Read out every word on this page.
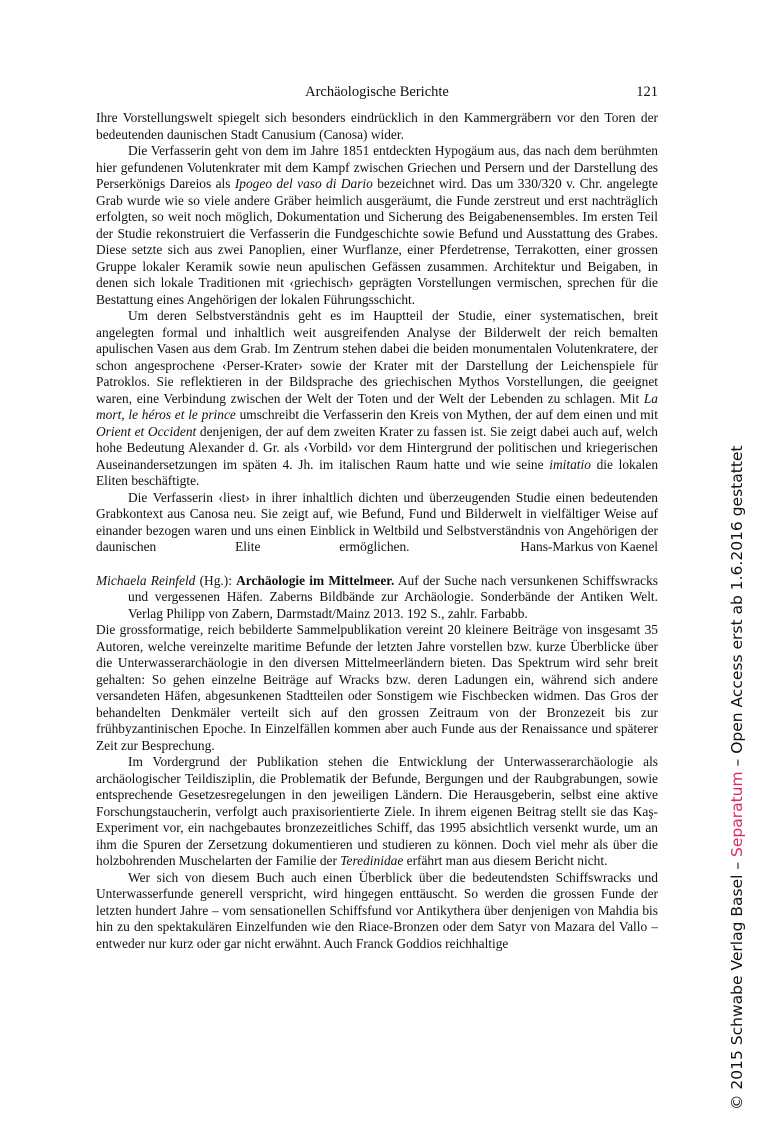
Archäologische Berichte	121

Ihre Vorstellungswelt spiegelt sich besonders eindrücklich in den Kammergräbern vor den Toren der bedeutenden daunischen Stadt Canusium (Canosa) wider.

Die Verfasserin geht von dem im Jahre 1851 entdeckten Hypogäum aus, das nach dem berühmten hier gefundenen Volutenkrater mit dem Kampf zwischen Griechen und Persern und der Darstellung des Perserkönigs Dareios als Ipogeo del vaso di Dario bezeichnet wird. Das um 330/320 v. Chr. angelegte Grab wurde wie so viele andere Gräber heimlich ausgeräumt, die Funde zerstreut und erst nachträglich erfolgten, so weit noch möglich, Dokumentation und Sicherung des Beigabenensembles. Im ersten Teil der Studie rekonstruiert die Verfasserin die Fundgeschichte sowie Befund und Ausstattung des Grabes. Diese setzte sich aus zwei Panoplien, einer Wurflanze, einer Pferdetrense, Terrakotten, einer grossen Gruppe lokaler Keramik sowie neun apulischen Gefässen zusammen. Architektur und Beigaben, in denen sich lokale Traditionen mit ‹griechisch› geprägten Vorstellungen vermischen, sprechen für die Bestattung eines Angehörigen der lokalen Führungsschicht.

Um deren Selbstverständnis geht es im Hauptteil der Studie, einer systematischen, breit angelegten formal und inhaltlich weit ausgreifenden Analyse der Bilderwelt der reich bemalten apulischen Vasen aus dem Grab. Im Zentrum stehen dabei die beiden monumentalen Volutenkratere, der schon angesprochene ‹Perser-Krater› sowie der Krater mit der Darstellung der Leichenspiele für Patroklos. Sie reflektieren in der Bildsprache des griechischen Mythos Vorstellungen, die geeignet waren, eine Verbindung zwischen der Welt der Toten und der Welt der Lebenden zu schlagen. Mit La mort, le héros et le prince umschreibt die Verfasserin den Kreis von Mythen, der auf dem einen und mit Orient et Occident denjenigen, der auf dem zweiten Krater zu fassen ist. Sie zeigt dabei auch auf, welch hohe Bedeutung Alexander d. Gr. als ‹Vorbild› vor dem Hintergrund der politischen und kriegerischen Auseinandersetzungen im späten 4. Jh. im italischen Raum hatte und wie seine imitatio die lokalen Eliten beschäftigte.

Die Verfasserin ‹liest› in ihrer inhaltlich dichten und überzeugenden Studie einen bedeutenden Grabkontext aus Canosa neu. Sie zeigt auf, wie Befund, Fund und Bilderwelt in vielfältiger Weise auf einander bezogen waren und uns einen Einblick in Weltbild und Selbstverständnis von Angehörigen der daunischen Elite ermöglichen.	Hans-Markus von Kaenel

Michaela Reinfeld (Hg.): Archäologie im Mittelmeer. Auf der Suche nach versunkenen Schiffswracks und vergessenen Häfen. Zaberns Bildbände zur Archäologie. Sonderbände der Antiken Welt. Verlag Philipp von Zabern, Darmstadt/Mainz 2013. 192 S., zahlr. Farbabb.

Die grossformatige, reich bebilderte Sammelpublikation vereint 20 kleinere Beiträge von insgesamt 35 Autoren, welche vereinzelte maritime Befunde der letzten Jahre vorstellen bzw. kurze Überblicke über die Unterwasserarchäologie in den diversen Mittelmeerländern bieten. Das Spektrum wird sehr breit gehalten: So gehen einzelne Beiträge auf Wracks bzw. deren Ladungen ein, während sich andere versandeten Häfen, abgesunkenen Stadtteilen oder Sonstigem wie Fischbecken widmen. Das Gros der behandelten Denkmäler verteilt sich auf den grossen Zeitraum von der Bronzezeit bis zur frühbyzantinischen Epoche. In Einzelfällen kommen aber auch Funde aus der Renaissance und späterer Zeit zur Besprechung.

Im Vordergrund der Publikation stehen die Entwicklung der Unterwasserarchäologie als archäologischer Teildisziplin, die Problematik der Befunde, Bergungen und der Raubgrabungen, sowie entsprechende Gesetzesregelungen in den jeweiligen Ländern. Die Herausgeberin, selbst eine aktive Forschungstaucherin, verfolgt auch praxisorientierte Ziele. In ihrem eigenen Beitrag stellt sie das Kaş-Experiment vor, ein nachgebautes bronzezeitliches Schiff, das 1995 absichtlich versenkt wurde, um an ihm die Spuren der Zersetzung dokumentieren und studieren zu können. Doch viel mehr als über die holzbohrenden Muschelarten der Familie der Teredinidae erfährt man aus diesem Bericht nicht.

Wer sich von diesem Buch auch einen Überblick über die bedeutendsten Schiffswracks und Unterwasserfunde generell verspricht, wird hingegen enttäuscht. So werden die grossen Funde der letzten hundert Jahre – vom sensationellen Schiffsfund vor Antikythera über denjenigen von Mahdia bis hin zu den spektakulären Einzelfunden wie den Riace-Bronzen oder dem Satyr von Mazara del Vallo – entweder nur kurz oder gar nicht erwähnt. Auch Franck Goddios reichhaltige	© 2015 Schwabe Verlag Basel – Separatum – Open Access erst ab 1.6.2016 gestattet
